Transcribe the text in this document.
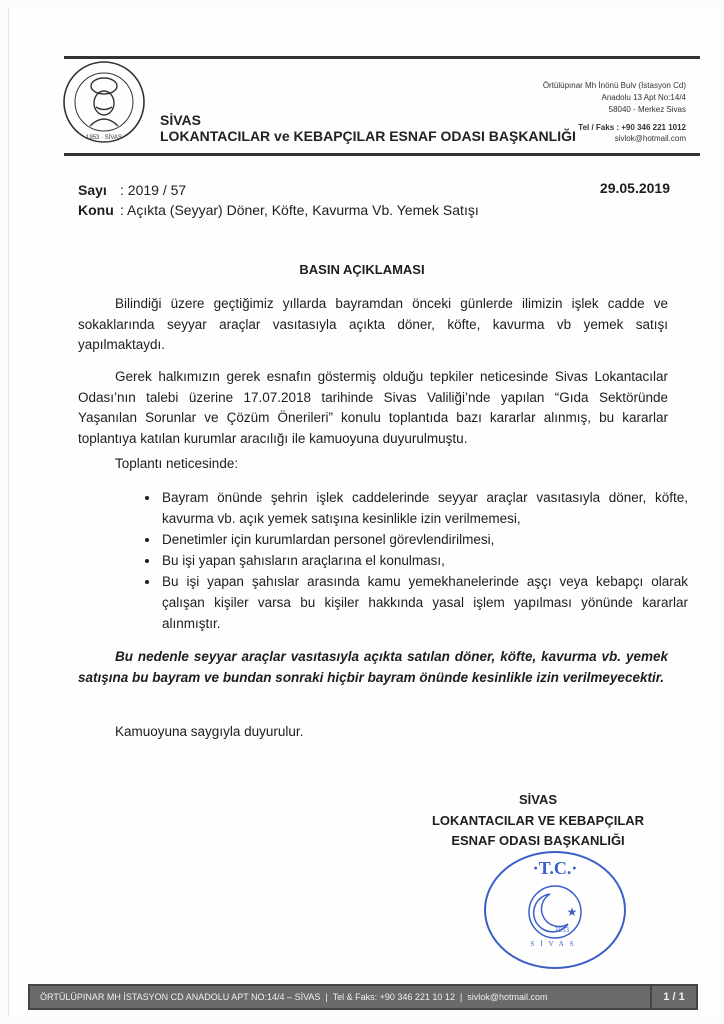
1953 · SİVAS
SİVAS
LOKANTACILAR ve KEBAPÇILAR ESNAF ODASI BAŞKANLIĞI
Örtülüpınar Mh İnönü Bulv (İstasyon Cd)
Anadolu 13 Apt No:14/4
58040 - Merkez Sivas
Tel / Faks : +90 346 221 1012
sivlok@hotmail.com
Sayı : 2019 / 57
Konu : Açıkta (Seyyar) Döner, Köfte, Kavurma Vb. Yemek Satışı
29.05.2019
BASIN AÇIKLAMASI
Bilindiği üzere geçtiğimiz yıllarda bayramdan önceki günlerde ilimizin işlek cadde ve sokaklarında seyyar araçlar vasıtasıyla açıkta döner, köfte, kavurma vb yemek satışı yapılmaktaydı.
Gerek halkımızın gerek esnafın göstermiş olduğu tepkiler neticesinde Sivas Lokantacılar Odası’nın talebi üzerine 17.07.2018 tarihinde Sivas Valiliği’nde yapılan “Gıda Sektöründe Yaşanılan Sorunlar ve Çözüm Önerileri” konulu toplantıda bazı kararlar alınmış, bu kararlar toplantıya katılan kurumlar aracılığı ile kamuoyuna duyurulmuştu.
Toplantı neticesinde:
• Bayram önünde şehrin işlek caddelerinde seyyar araçlar vasıtasıyla döner, köfte, kavurma vb. açık yemek satışına kesinlikle izin verilmemesi,
• Denetimler için kurumlardan personel görevlendirilmesi,
• Bu işi yapan şahısların araçlarına el konulması,
• Bu işi yapan şahıslar arasında kamu yemekhanelerinde aşçı veya kebapçı olarak çalışan kişiler varsa bu kişiler hakkında yasal işlem yapılması yönünde kararlar alınmıştır.
Bu nedenle seyyar araçlar vasıtasıyla açıkta satılan döner, köfte, kavurma vb. yemek satışına bu bayram ve bundan sonraki hiçbir bayram önünde kesinlikle izin verilmeyecektir.
Kamuoyuna saygıyla duyurulur.
SİVAS
LOKANTACILAR VE KEBAPÇILAR
ESNAF ODASI BAŞKANLIĞI
·T.C.·
1953
SİVAS
★
ÖRTÜLÜPINAR MH İSTASYON CD ANADOLU APT NO:14/4 – SİVAS  |  Tel & Faks: +90 346 221 10 12  |  sivlok@hotmail.com	1 / 1
